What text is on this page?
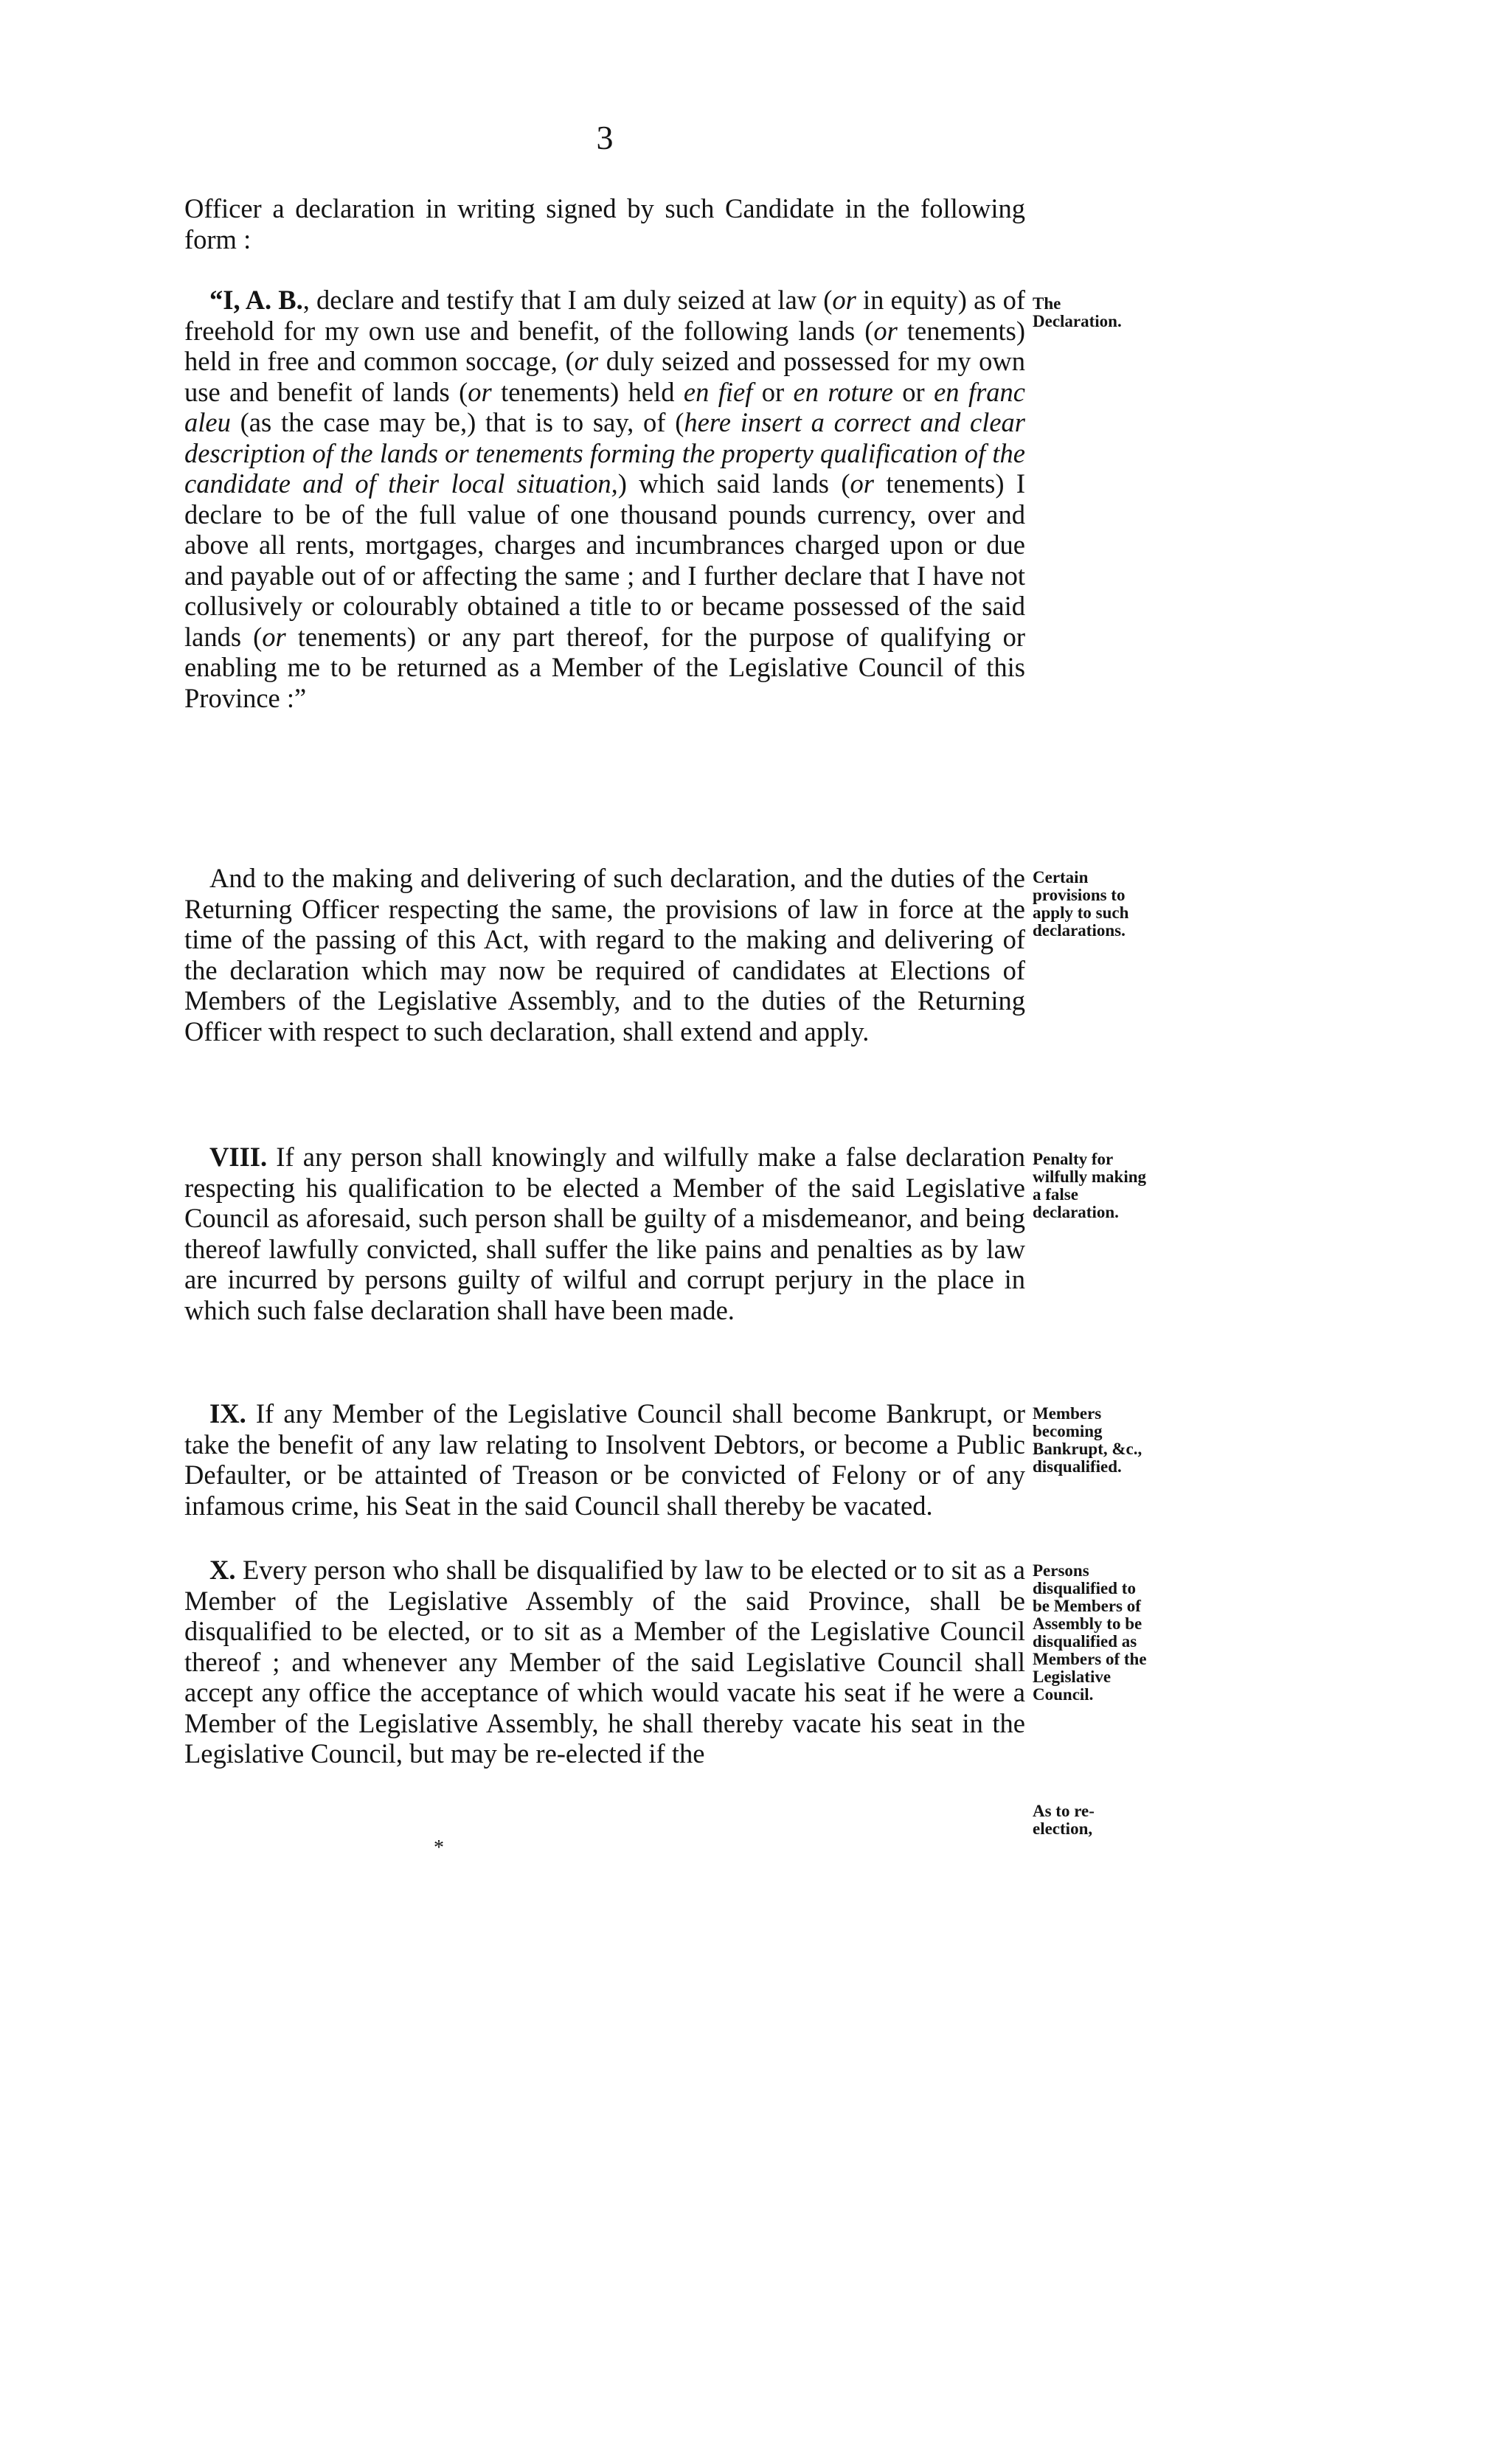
3

Officer a declaration in writing signed by such Candidate in the following form :

“I, A. B., declare and testify that I am duly seized at law (or in equity) as of freehold for my own use and benefit, of the following lands (or tenements) held in free and common soccage, (or duly seized and possessed for my own use and benefit of lands (or tenements) held en fief or en roture or en franc aleu (as the case may be,) that is to say, of (here insert a correct and clear description of the lands or tenements forming the property qualification of the candidate and of their local situation,) which said lands (or tenements) I declare to be of the full value of one thousand pounds currency, over and above all rents, mortgages, charges and incumbrances charged upon or due and payable out of or affecting the same ; and I further declare that I have not collusively or colourably obtained a title to or became possessed of the said lands (or tenements) or any part thereof, for the purpose of qualifying or enabling me to be returned as a Member of the Legislative Council of this Province :”

The Declaration.

And to the making and delivering of such declaration, and the duties of the Returning Officer respecting the same, the provisions of law in force at the time of the passing of this Act, with regard to the making and delivering of the declaration which may now be required of candidates at Elections of Members of the Legislative Assembly, and to the duties of the Returning Officer with respect to such declaration, shall extend and apply.

Certain provisions to apply to such declarations.

VIII. If any person shall knowingly and wilfully make a false declaration respecting his qualification to be elected a Member of the said Legislative Council as aforesaid, such person shall be guilty of a misdemeanor, and being thereof lawfully convicted, shall suffer the like pains and penalties as by law are incurred by persons guilty of wilful and corrupt perjury in the place in which such false declaration shall have been made.

Penalty for wilfully making a false declaration.

IX. If any Member of the Legislative Council shall become Bankrupt, or take the benefit of any law relating to Insolvent Debtors, or become a Public Defaulter, or be attainted of Treason or be convicted of Felony or of any infamous crime, his Seat in the said Council shall thereby be vacated.

Members becoming Bankrupt, &c., disqualified.

X. Every person who shall be disqualified by law to be elected or to sit as a Member of the Legislative Assembly of the said Province, shall be disqualified to be elected, or to sit as a Member of the Legislative Council thereof ; and whenever any Member of the said Legislative Council shall accept any office the acceptance of which would vacate his seat if he were a Member of the Legislative Assembly, he shall thereby vacate his seat in the Legislative Council, but may be re-elected if the

Persons disqualified to be Members of Assembly to be disqualified as Members of the Legislative Council.

As to re-election,

*
